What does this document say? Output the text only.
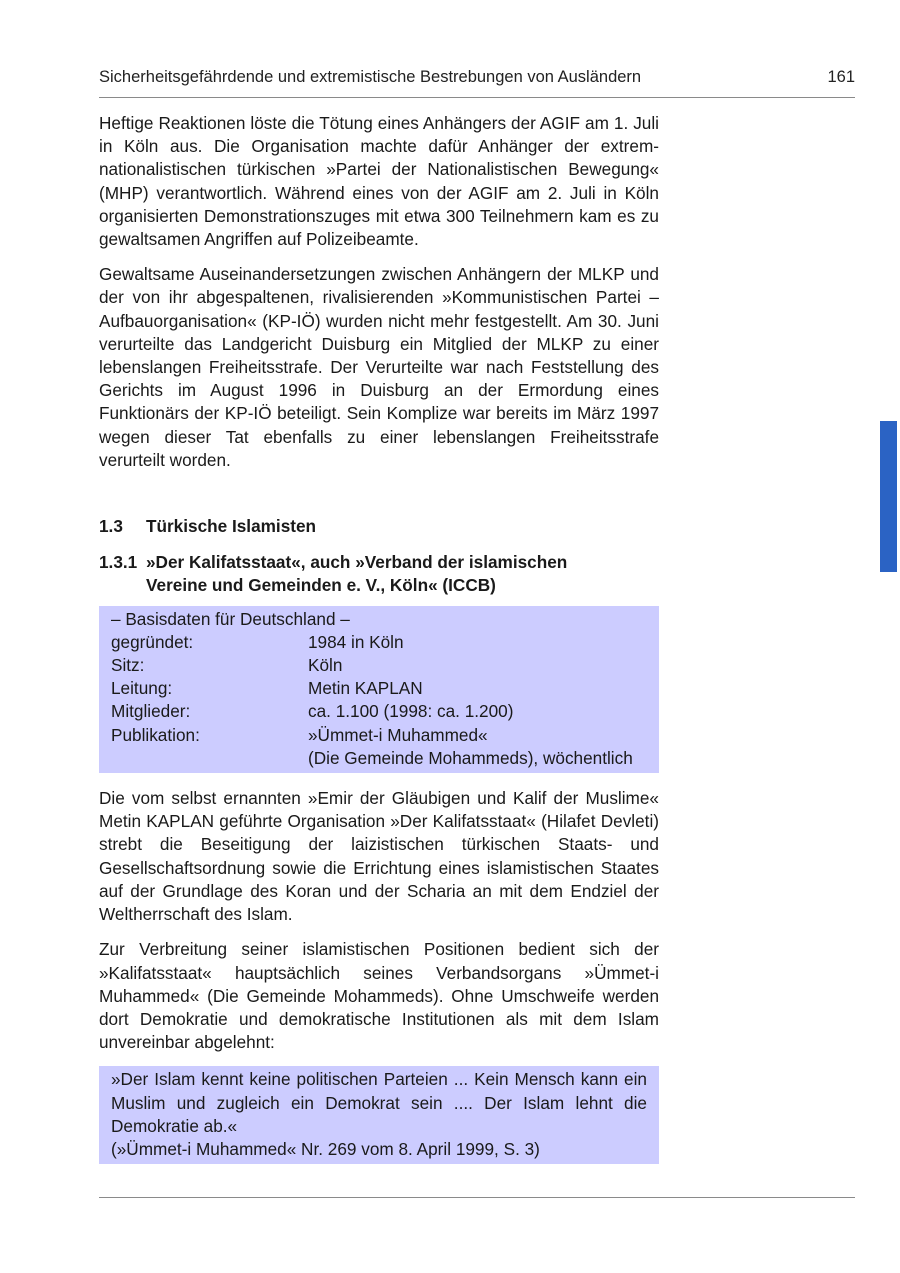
Sicherheitsgefährdende und extremistische Bestrebungen von Ausländern	161

Heftige Reaktionen löste die Tötung eines Anhängers der AGIF am 1. Juli in Köln aus. Die Organisation machte dafür Anhänger der extrem-nationalistischen türkischen »Partei der Nationalistischen Bewegung« (MHP) verantwortlich. Während eines von der AGIF am 2. Juli in Köln organisierten Demonstrationszuges mit etwa 300 Teilnehmern kam es zu gewaltsamen Angriffen auf Polizeibeamte.

Gewaltsame Auseinandersetzungen zwischen Anhängern der MLKP und der von ihr abgespaltenen, rivalisierenden »Kommunistischen Partei – Aufbauorganisation« (KP-IÖ) wurden nicht mehr festgestellt. Am 30. Juni verurteilte das Landgericht Duisburg ein Mitglied der MLKP zu einer lebenslangen Freiheitsstrafe. Der Verurteilte war nach Feststellung des Gerichts im August 1996 in Duisburg an der Ermordung eines Funktionärs der KP-IÖ beteiligt. Sein Komplize war bereits im März 1997 wegen dieser Tat ebenfalls zu einer lebenslangen Freiheitsstrafe verurteilt worden.

1.3	Türkische Islamisten
1.3.1 »Der Kalifatsstaat«, auch »Verband der islamischen
Vereine und Gemeinden e. V., Köln« (ICCB)
– Basisdaten für Deutschland –
gegründet:	1984 in Köln
Sitz:	Köln
Leitung:	Metin KAPLAN
Mitglieder:	ca. 1.100 (1998: ca. 1.200)
Publikation:	»Ümmet-i Muhammed«
(Die Gemeinde Mohammeds), wöchentlich

Die vom selbst ernannten »Emir der Gläubigen und Kalif der Muslime« Metin KAPLAN geführte Organisation »Der Kalifatsstaat« (Hilafet Devleti) strebt die Beseitigung der laizistischen türkischen Staats- und Gesellschaftsordnung sowie die Errichtung eines islamistischen Staates auf der Grundlage des Koran und der Scharia an mit dem Endziel der Weltherrschaft des Islam.

Zur Verbreitung seiner islamistischen Positionen bedient sich der »Kalifatsstaat« hauptsächlich seines Verbandsorgans »Ümmet-i Muhammed« (Die Gemeinde Mohammeds). Ohne Umschweife werden dort Demokratie und demokratische Institutionen als mit dem Islam unvereinbar abgelehnt:

»Der Islam kennt keine politischen Parteien ... Kein Mensch kann ein Muslim und zugleich ein Demokrat sein .... Der Islam lehnt die Demokratie ab.«

(»Ümmet-i Muhammed« Nr. 269 vom 8. April 1999, S. 3)
